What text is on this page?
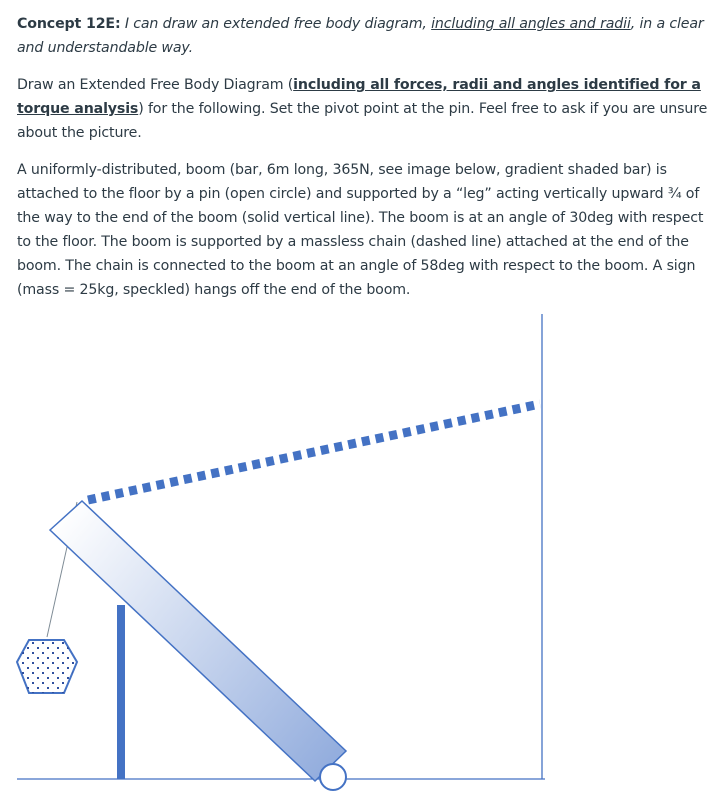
Concept 12E: I can draw an extended free body diagram, including all angles and radii, in a clear and understandable way.

Draw an Extended Free Body Diagram (including all forces, radii and angles identified for a torque analysis) for the following. Set the pivot point at the pin. Feel free to ask if you are unsure about the picture.

A uniformly-distributed, boom (bar, 6m long, 365N, see image below, gradient shaded bar) is attached to the floor by a pin (open circle) and supported by a “leg” acting vertically upward ¾ of the way to the end of the boom (solid vertical line). The boom is at an angle of 30deg with respect to the floor. The boom is supported by a massless chain (dashed line) attached at the end of the boom. The chain is connected to the boom at an angle of 58deg with respect to the boom. A sign (mass = 25kg, speckled) hangs off the end of the boom.
